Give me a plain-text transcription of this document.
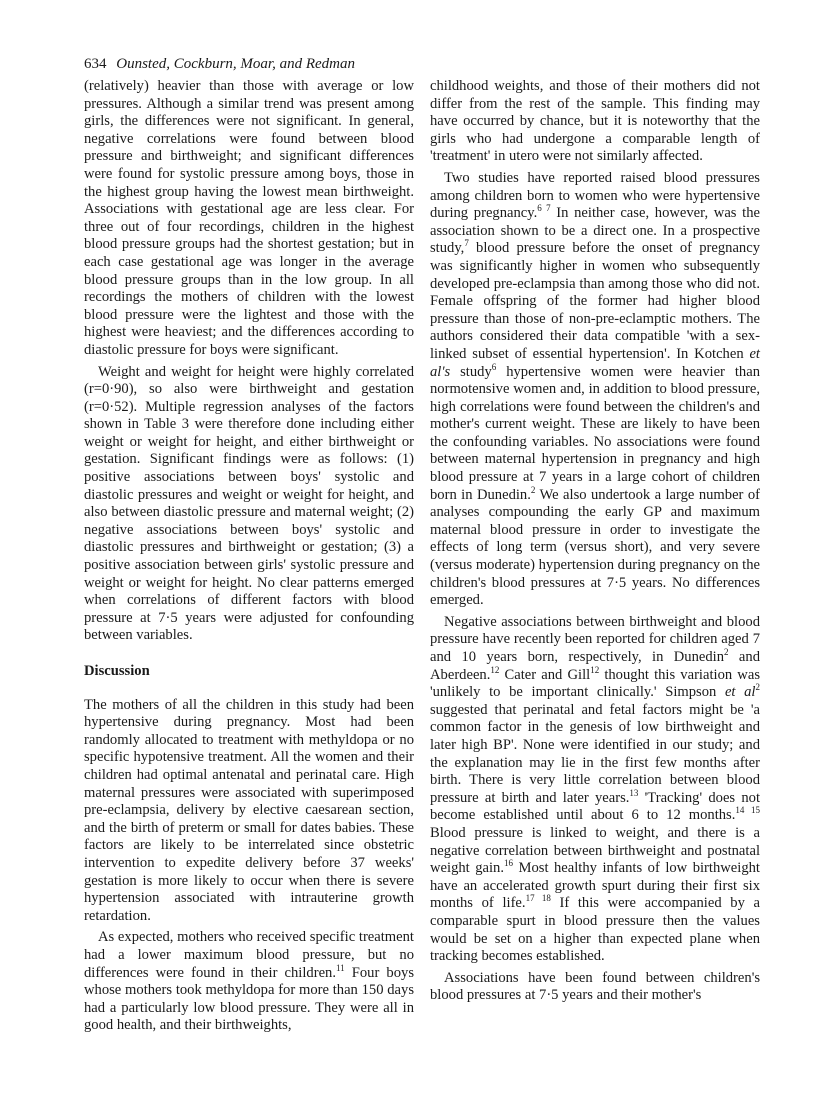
634 Ounsted, Cockburn, Moar, and Redman

(relatively) heavier than those with average or low pressures. Although a similar trend was present among girls, the differences were not significant. In general, negative correlations were found between blood pressure and birthweight; and significant differences were found for systolic pressure among boys, those in the highest group having the lowest mean birthweight. Associations with gestational age are less clear. For three out of four recordings, children in the highest blood pressure groups had the shortest gestation; but in each case gestational age was longer in the average blood pressure groups than in the low group. In all recordings the mothers of children with the lowest blood pressure were the lightest and those with the highest were heaviest; and the differences according to diastolic pressure for boys were significant.

Weight and weight for height were highly correlated (r=0·90), so also were birthweight and gestation (r=0·52). Multiple regression analyses of the factors shown in Table 3 were therefore done including either weight or weight for height, and either birthweight or gestation. Significant findings were as follows: (1) positive associations between boys' systolic and diastolic pressures and weight or weight for height, and also between diastolic pressure and maternal weight; (2) negative associations between boys' systolic and diastolic pressures and birthweight or gestation; (3) a positive association between girls' systolic pressure and weight or weight for height. No clear patterns emerged when correlations of different factors with blood pressure at 7·5 years were adjusted for confounding between variables.

Discussion

The mothers of all the children in this study had been hypertensive during pregnancy. Most had been randomly allocated to treatment with methyldopa or no specific hypotensive treatment. All the women and their children had optimal antenatal and perinatal care. High maternal pressures were associated with superimposed pre-eclampsia, delivery by elective caesarean section, and the birth of preterm or small for dates babies. These factors are likely to be interrelated since obstetric intervention to expedite delivery before 37 weeks' gestation is more likely to occur when there is severe hypertension associated with intrauterine growth retardation.

As expected, mothers who received specific treatment had a lower maximum blood pressure, but no differences were found in their children.$^{11}$ Four boys whose mothers took methyldopa for more than 150 days had a particularly low blood pressure. They were all in good health, and their birthweights,

childhood weights, and those of their mothers did not differ from the rest of the sample. This finding may have occurred by chance, but it is noteworthy that the girls who had undergone a comparable length of 'treatment' in utero were not similarly affected.

Two studies have reported raised blood pressures among children born to women who were hypertensive during pregnancy.$^{6 7}$ In neither case, however, was the association shown to be a direct one. In a prospective study,$^7$ blood pressure before the onset of pregnancy was significantly higher in women who subsequently developed pre-eclampsia than among those who did not. Female offspring of the former had higher blood pressure than those of non-pre-eclamptic mothers. The authors considered their data compatible 'with a sex-linked subset of essential hypertension'. In Kotchen et al's study$^6$ hypertensive women were heavier than normotensive women and, in addition to blood pressure, high correlations were found between the children's and mother's current weight. These are likely to have been the confounding variables. No associations were found between maternal hypertension in pregnancy and high blood pressure at 7 years in a large cohort of children born in Dunedin.$^2$ We also undertook a large number of analyses compounding the early GP and maximum maternal blood pressure in order to investigate the effects of long term (versus short), and very severe (versus moderate) hypertension during pregnancy on the children's blood pressures at 7·5 years. No differences emerged.

Negative associations between birthweight and blood pressure have recently been reported for children aged 7 and 10 years born, respectively, in Dunedin$^2$ and Aberdeen.$^{12}$ Cater and Gill$^{12}$ thought this variation was 'unlikely to be important clinically.' Simpson et $al^2$ suggested that perinatal and fetal factors might be 'a common factor in the genesis of low birthweight and later high BP'. None were identified in our study; and the explanation may lie in the first few months after birth. There is very little correlation between blood pressure at birth and later years.$^{13}$ 'Tracking' does not become established until about 6 to 12 months.$^{14 15}$ Blood pressure is linked to weight, and there is a negative correlation between birthweight and postnatal weight gain.$^{16}$ Most healthy infants of low birthweight have an accelerated growth spurt during their first six months of life.$^{17 18}$ If this were accompanied by a comparable spurt in blood pressure then the values would be set on a higher than expected plane when tracking becomes established.

Associations have been found between children's blood pressures at 7·5 years and their mother's
